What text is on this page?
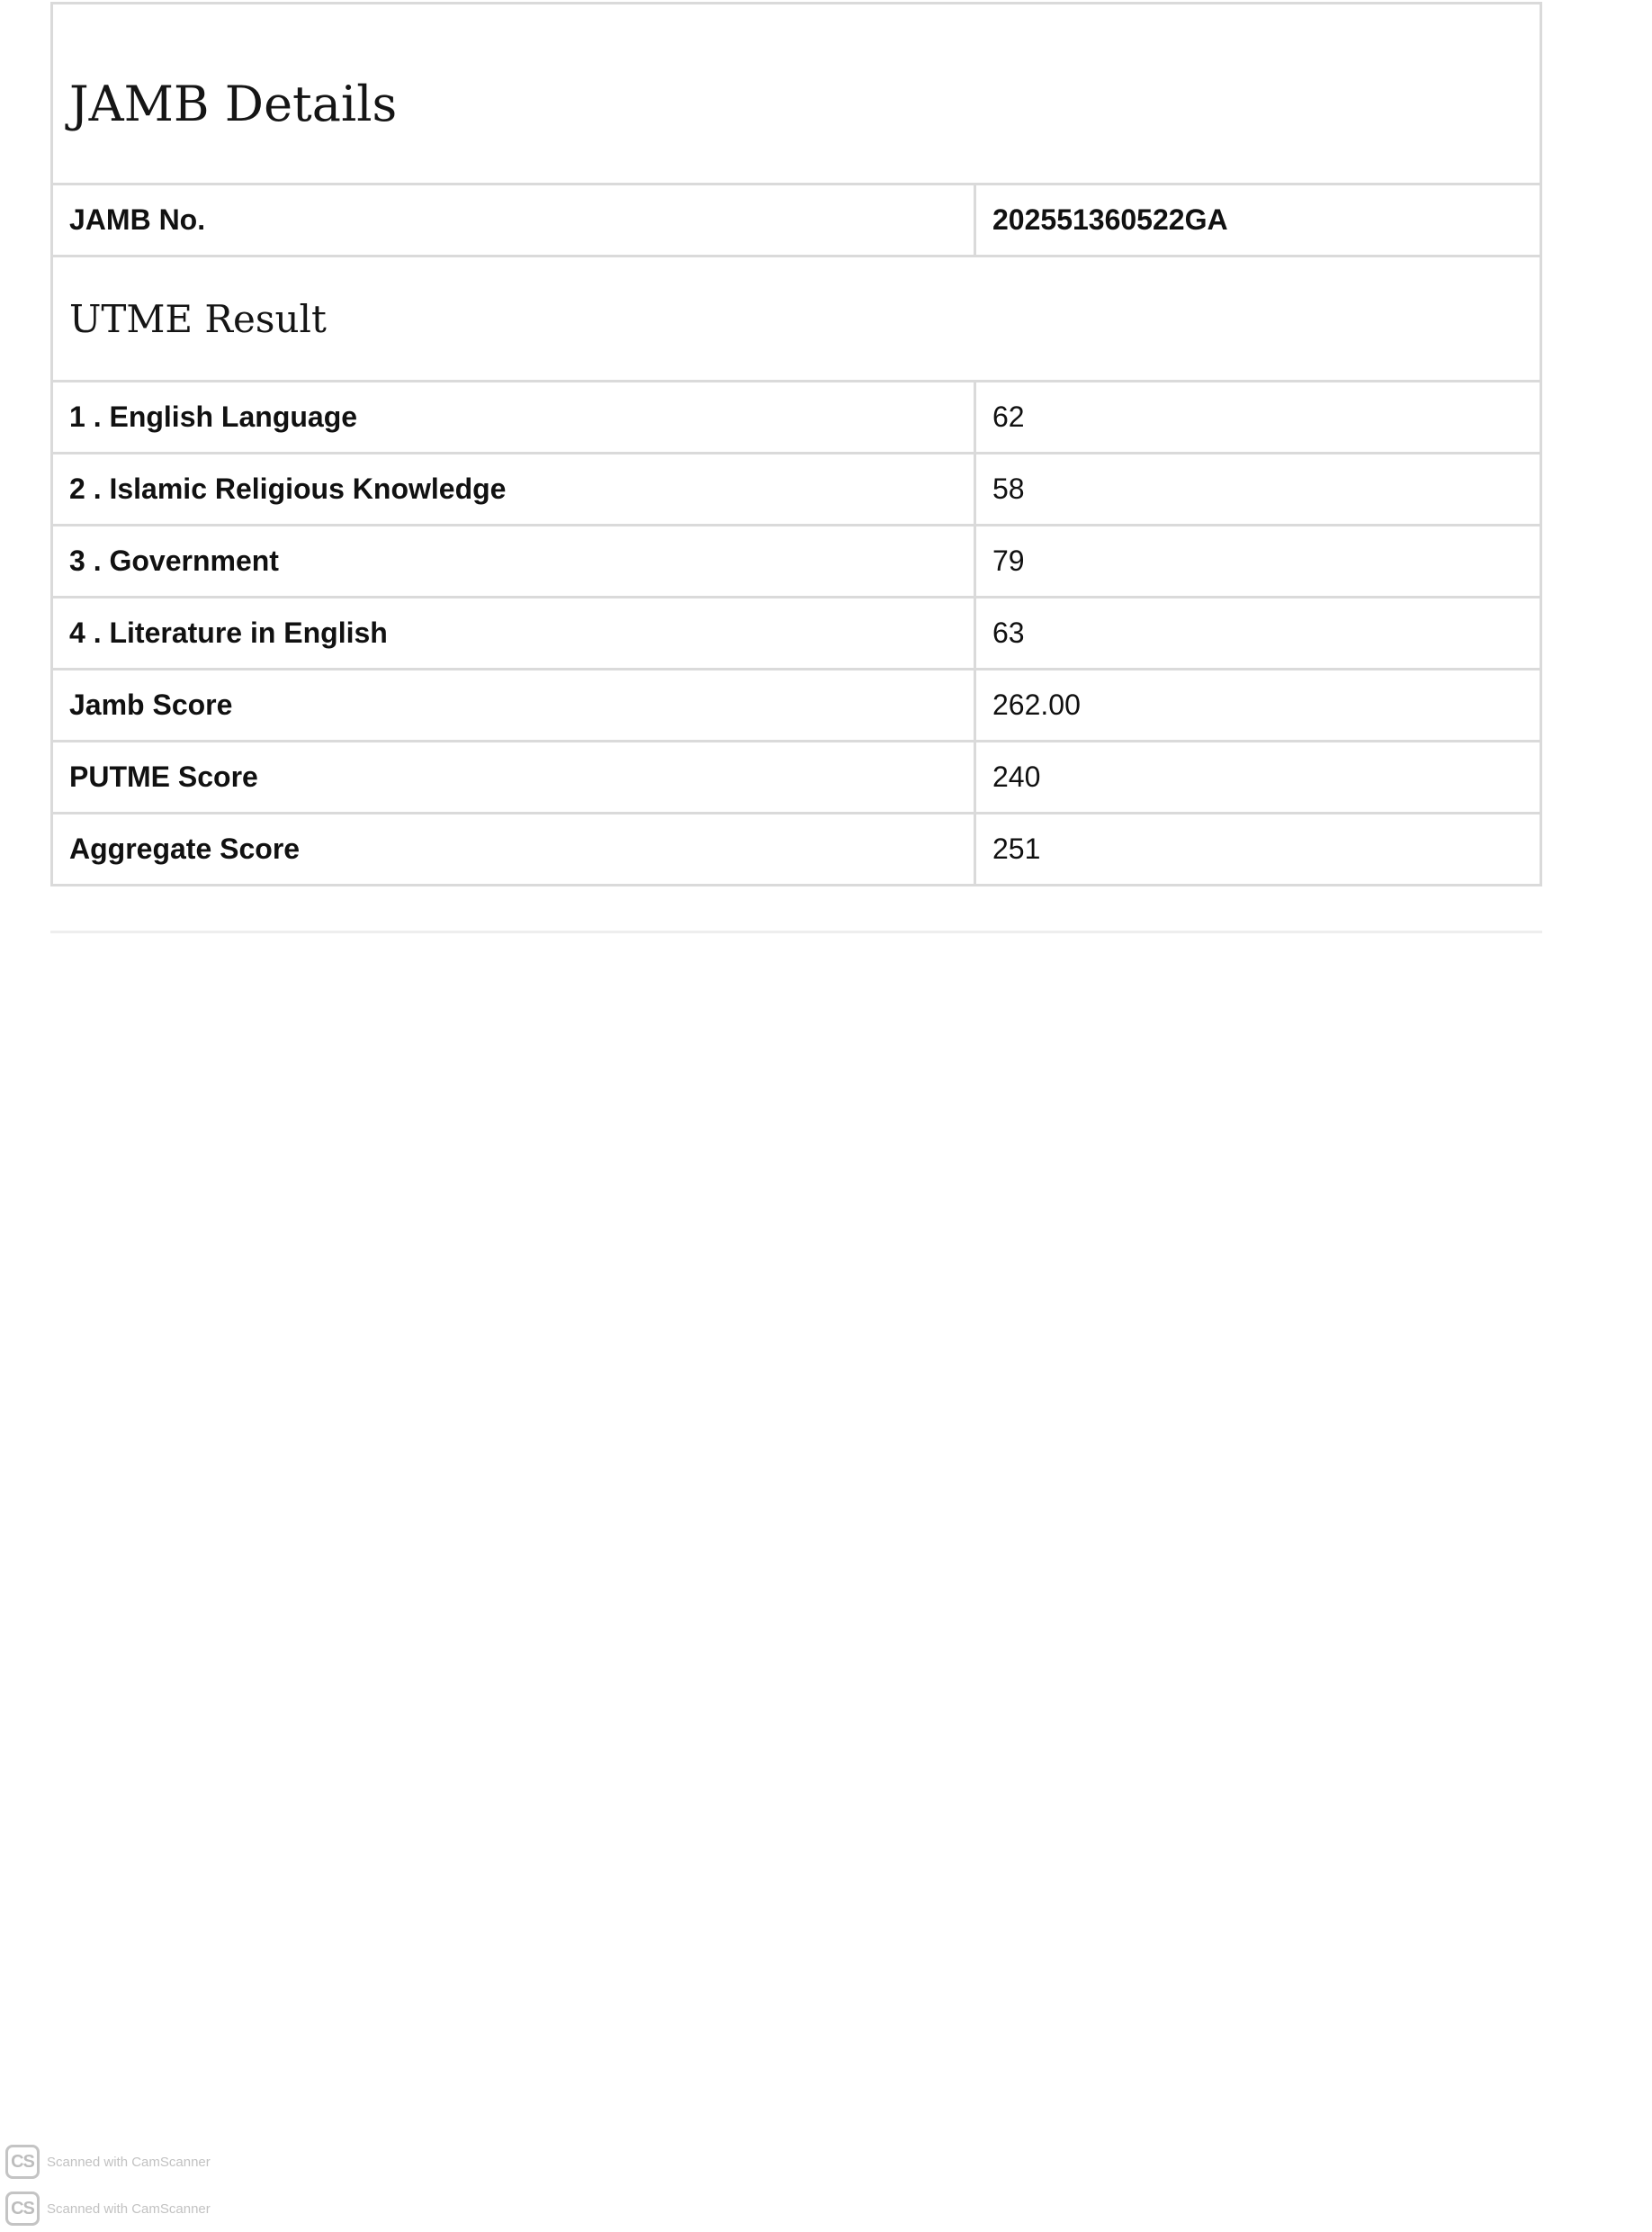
JAMB Details	
JAMB No.	202551360522GA
UTME Result	
1 . English Language	62
2 . Islamic Religious Knowledge	58
3 . Government	79
4 . Literature in English	63
Jamb Score	262.00
PUTME Score	240
Aggregate Score	251
CS Scanned with CamScanner
CS Scanned with CamScanner
